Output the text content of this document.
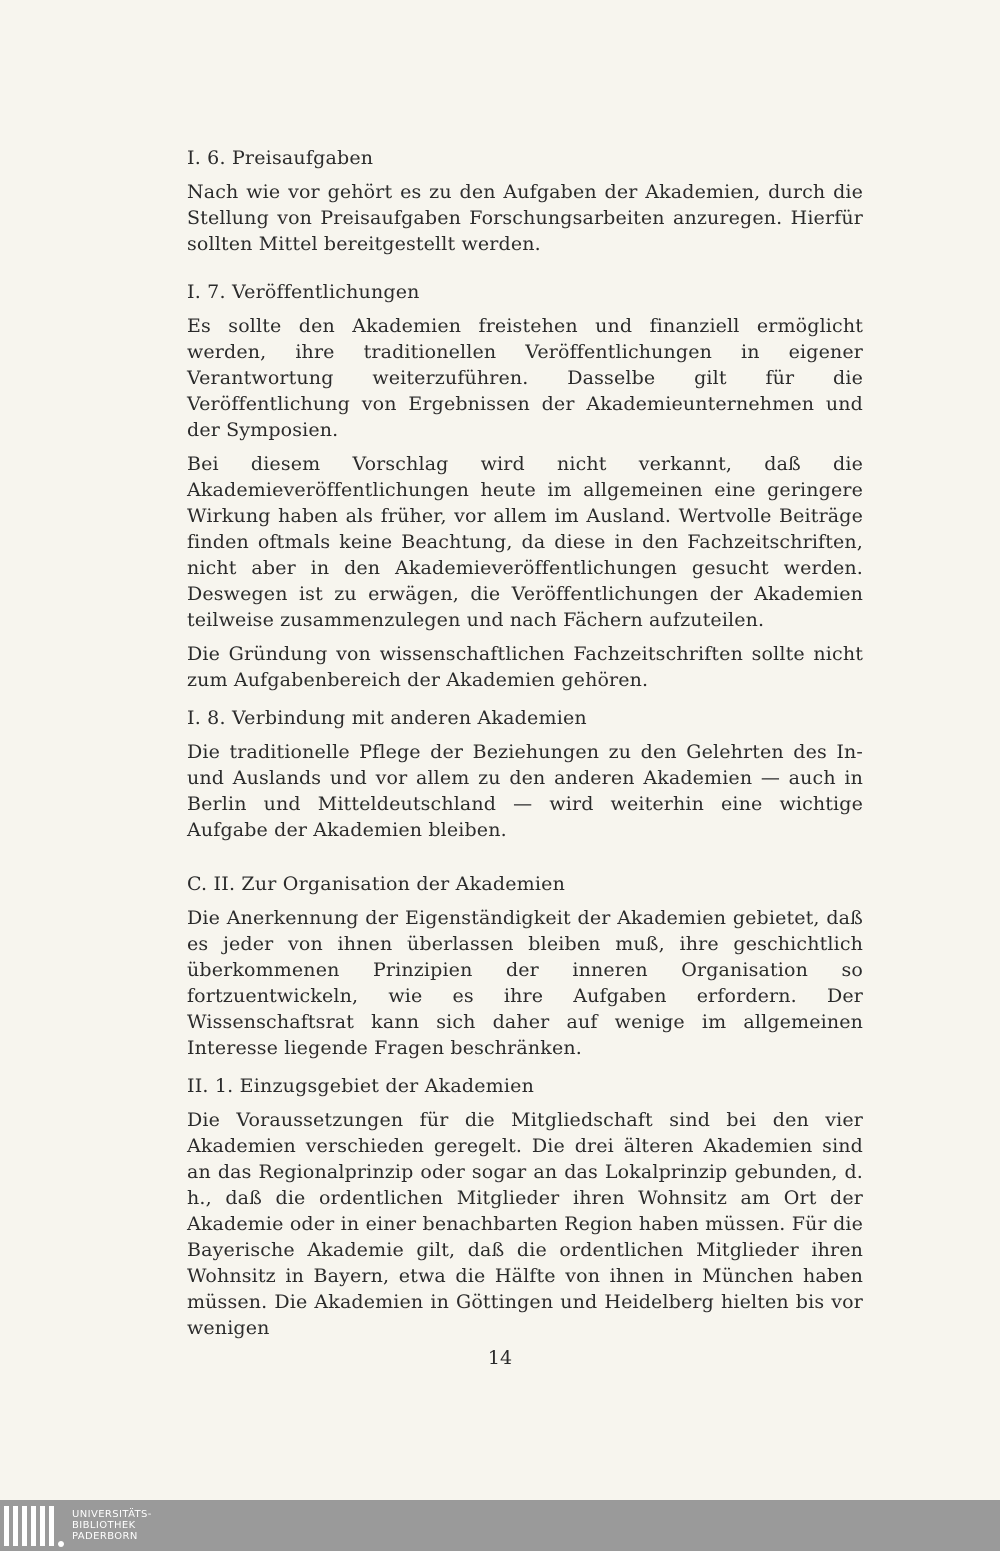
I. 6. Preisaufgaben

Nach wie vor gehört es zu den Aufgaben der Akademien, durch die Stellung von Preisaufgaben Forschungsarbeiten anzuregen. Hierfür sollten Mittel bereitgestellt werden.

I. 7. Veröffentlichungen

Es sollte den Akademien freistehen und finanziell ermöglicht werden, ihre traditionellen Veröffentlichungen in eigener Verantwortung weiterzuführen. Dasselbe gilt für die Veröffentlichung von Ergebnissen der Akademieunternehmen und der Symposien.

Bei diesem Vorschlag wird nicht verkannt, daß die Akademieveröffentlichungen heute im allgemeinen eine geringere Wirkung haben als früher, vor allem im Ausland. Wertvolle Beiträge finden oftmals keine Beachtung, da diese in den Fachzeitschriften, nicht aber in den Akademieveröffentlichungen gesucht werden. Deswegen ist zu erwägen, die Veröffentlichungen der Akademien teilweise zusammenzulegen und nach Fächern aufzuteilen.

Die Gründung von wissenschaftlichen Fachzeitschriften sollte nicht zum Aufgabenbereich der Akademien gehören.

I. 8. Verbindung mit anderen Akademien

Die traditionelle Pflege der Beziehungen zu den Gelehrten des In- und Auslands und vor allem zu den anderen Akademien — auch in Berlin und Mitteldeutschland — wird weiterhin eine wichtige Aufgabe der Akademien bleiben.

C. II. Zur Organisation der Akademien

Die Anerkennung der Eigenständigkeit der Akademien gebietet, daß es jeder von ihnen überlassen bleiben muß, ihre geschichtlich überkommenen Prinzipien der inneren Organisation so fortzuentwickeln, wie es ihre Aufgaben erfordern. Der Wissenschaftsrat kann sich daher auf wenige im allgemeinen Interesse liegende Fragen beschränken.

II. 1. Einzugsgebiet der Akademien

Die Voraussetzungen für die Mitgliedschaft sind bei den vier Akademien verschieden geregelt. Die drei älteren Akademien sind an das Regionalprinzip oder sogar an das Lokalprinzip gebunden, d. h., daß die ordentlichen Mitglieder ihren Wohnsitz am Ort der Akademie oder in einer benachbarten Region haben müssen. Für die Bayerische Akademie gilt, daß die ordentlichen Mitglieder ihren Wohnsitz in Bayern, etwa die Hälfte von ihnen in München haben müssen. Die Akademien in Göttingen und Heidelberg hielten bis vor wenigen

14
UNIVERSITÄTS-
BIBLIOTHEK
PADERBORN
